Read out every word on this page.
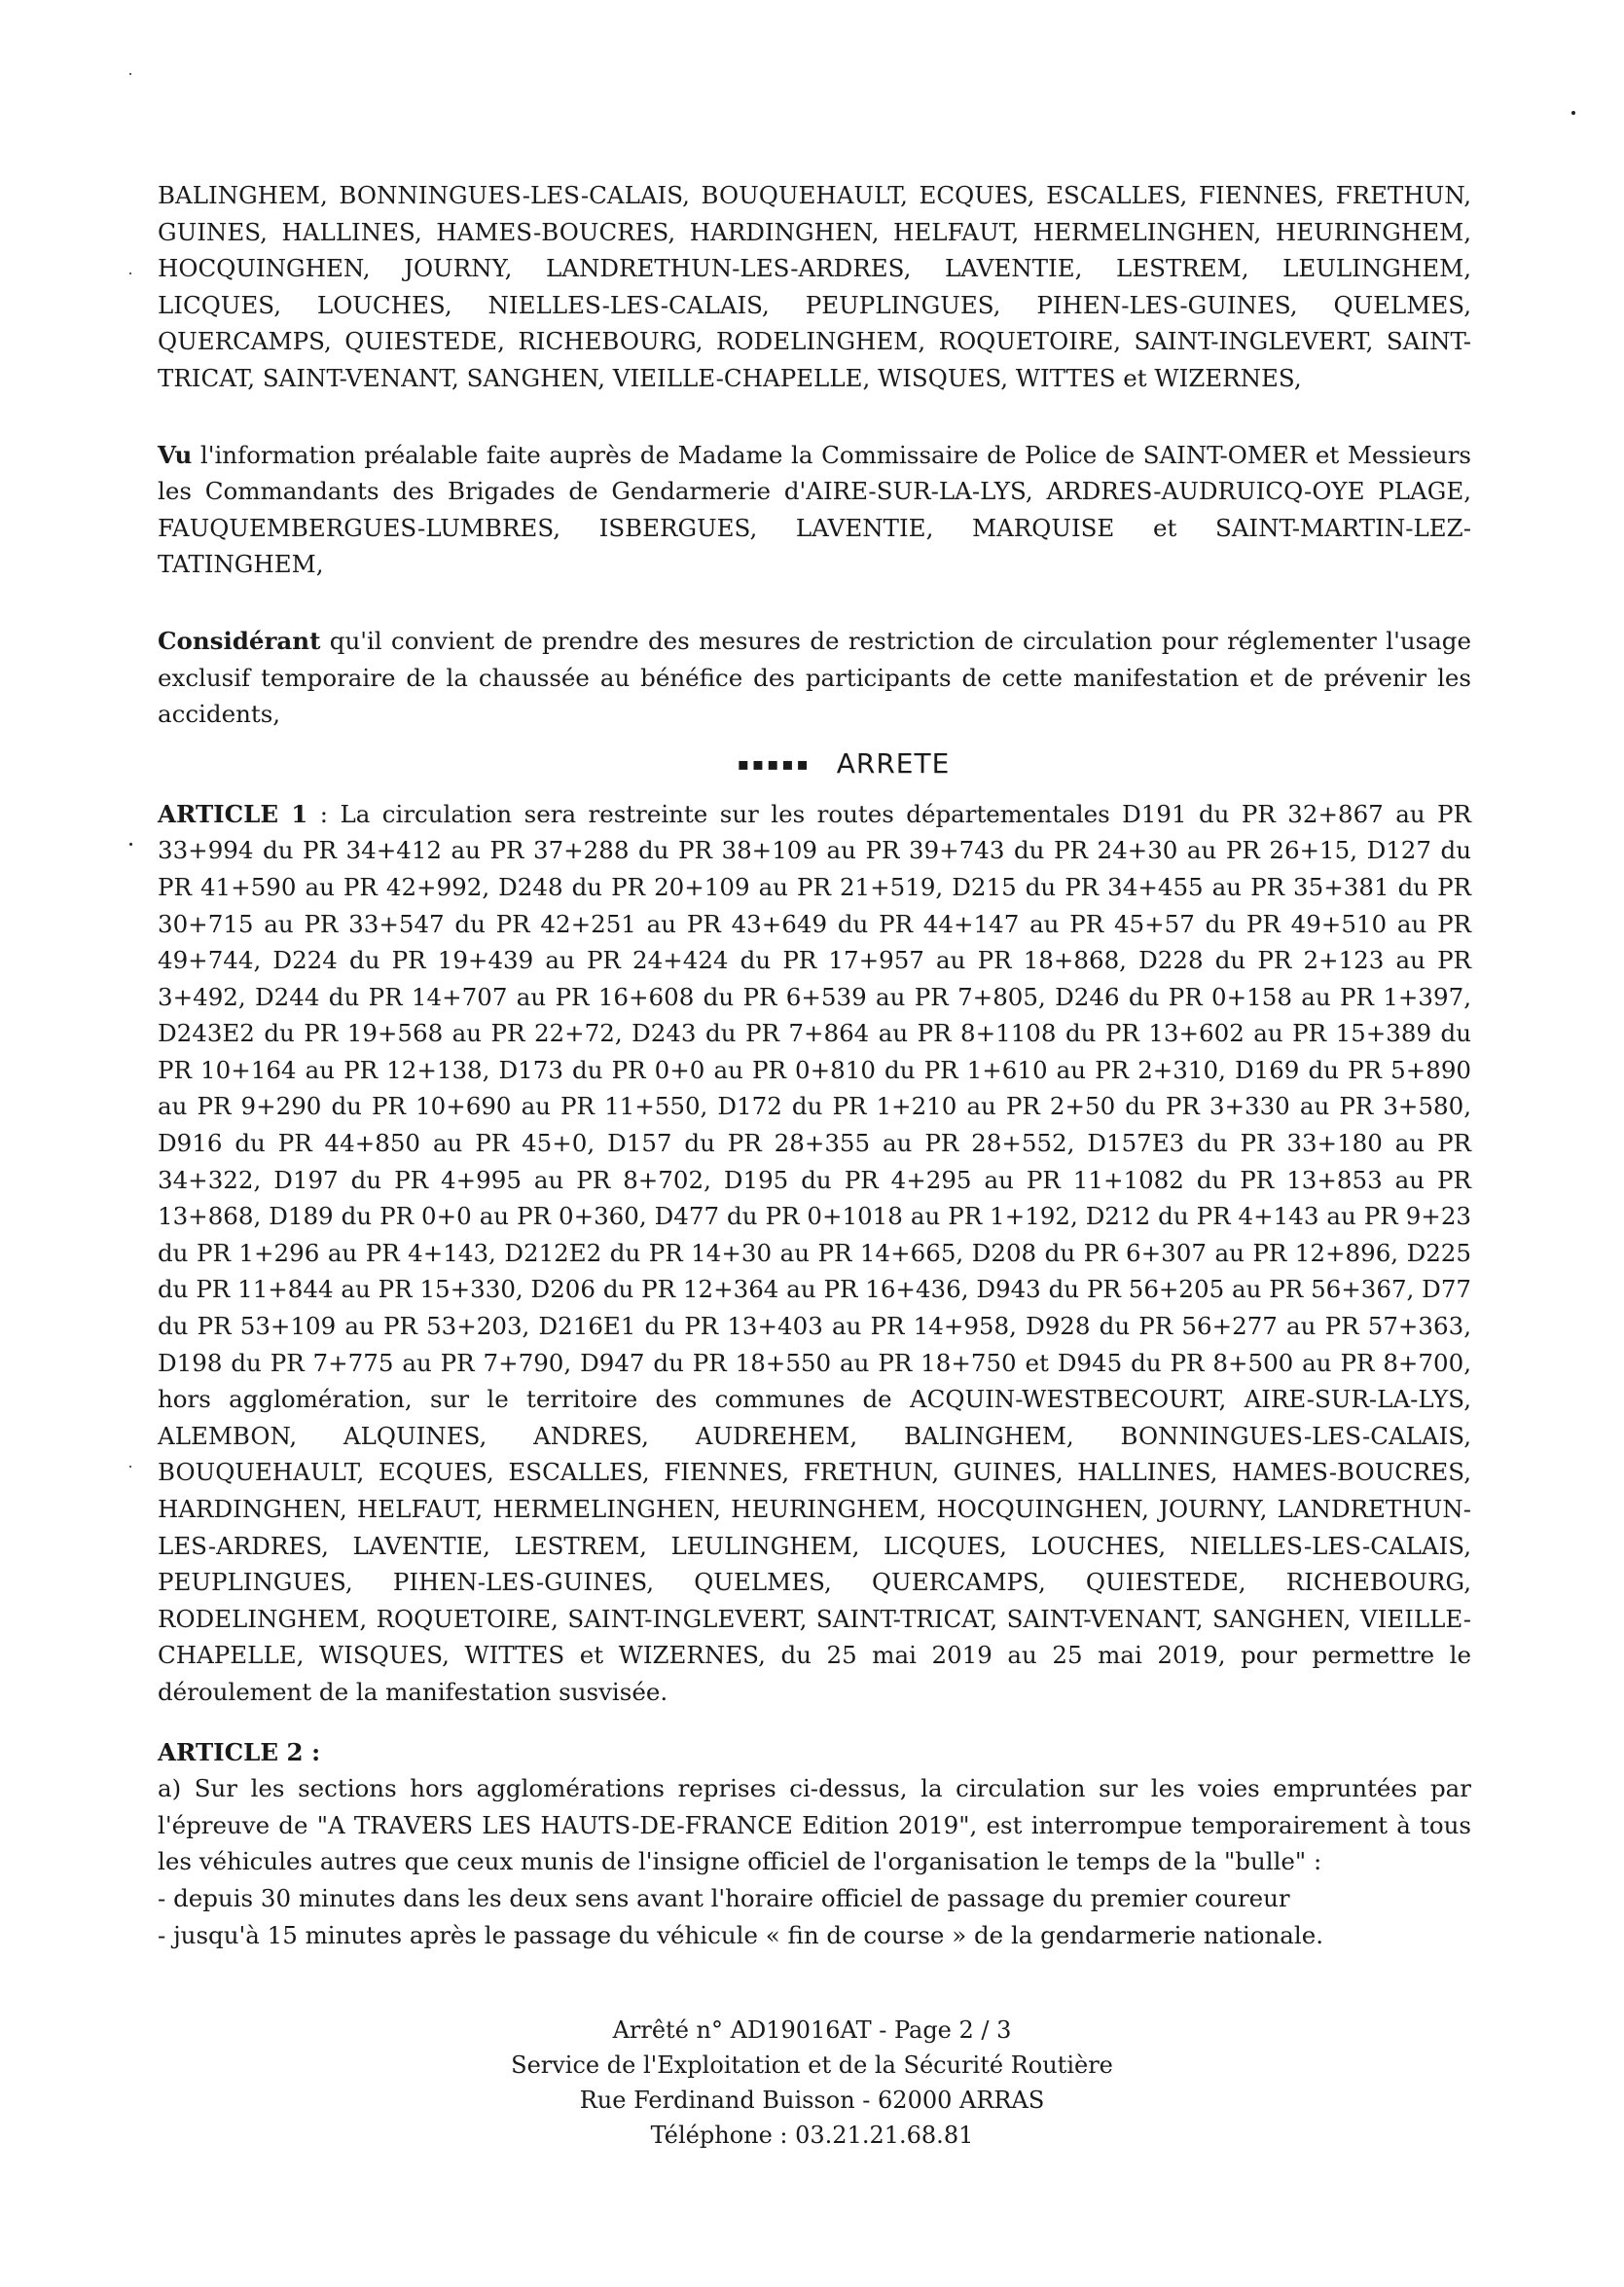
BALINGHEM, BONNINGUES-LES-CALAIS, BOUQUEHAULT, ECQUES, ESCALLES, FIENNES, FRETHUN, GUINES, HALLINES, HAMES-BOUCRES, HARDINGHEN, HELFAUT, HERMELINGHEN, HEURINGHEM, HOCQUINGHEN, JOURNY, LANDRETHUN-LES-ARDRES, LAVENTIE, LESTREM, LEULINGHEM, LICQUES, LOUCHES, NIELLES-LES-CALAIS, PEUPLINGUES, PIHEN-LES-GUINES, QUELMES, QUERCAMPS, QUIESTEDE, RICHEBOURG, RODELINGHEM, ROQUETOIRE, SAINT-INGLEVERT, SAINT-TRICAT, SAINT-VENANT, SANGHEN, VIEILLE-CHAPELLE, WISQUES, WITTES et WIZERNES,

Vu l'information préalable faite auprès de Madame la Commissaire de Police de SAINT-OMER et Messieurs les Commandants des Brigades de Gendarmerie d'AIRE-SUR-LA-LYS, ARDRES-AUDRUICQ-OYE PLAGE, FAUQUEMBERGUES-LUMBRES, ISBERGUES, LAVENTIE, MARQUISE et SAINT-MARTIN-LEZ-TATINGHEM,

Considérant qu'il convient de prendre des mesures de restriction de circulation pour réglementer l'usage exclusif temporaire de la chaussée au bénéfice des participants de cette manifestation et de prévenir les accidents,

▪▪▪▪▪ ARRETE

ARTICLE 1 : La circulation sera restreinte sur les routes départementales D191 du PR 32+867 au PR 33+994 du PR 34+412 au PR 37+288 du PR 38+109 au PR 39+743 du PR 24+30 au PR 26+15, D127 du PR 41+590 au PR 42+992, D248 du PR 20+109 au PR 21+519, D215 du PR 34+455 au PR 35+381 du PR 30+715 au PR 33+547 du PR 42+251 au PR 43+649 du PR 44+147 au PR 45+57 du PR 49+510 au PR 49+744, D224 du PR 19+439 au PR 24+424 du PR 17+957 au PR 18+868, D228 du PR 2+123 au PR 3+492, D244 du PR 14+707 au PR 16+608 du PR 6+539 au PR 7+805, D246 du PR 0+158 au PR 1+397, D243E2 du PR 19+568 au PR 22+72, D243 du PR 7+864 au PR 8+1108 du PR 13+602 au PR 15+389 du PR 10+164 au PR 12+138, D173 du PR 0+0 au PR 0+810 du PR 1+610 au PR 2+310, D169 du PR 5+890 au PR 9+290 du PR 10+690 au PR 11+550, D172 du PR 1+210 au PR 2+50 du PR 3+330 au PR 3+580, D916 du PR 44+850 au PR 45+0, D157 du PR 28+355 au PR 28+552, D157E3 du PR 33+180 au PR 34+322, D197 du PR 4+995 au PR 8+702, D195 du PR 4+295 au PR 11+1082 du PR 13+853 au PR 13+868, D189 du PR 0+0 au PR 0+360, D477 du PR 0+1018 au PR 1+192, D212 du PR 4+143 au PR 9+23 du PR 1+296 au PR 4+143, D212E2 du PR 14+30 au PR 14+665, D208 du PR 6+307 au PR 12+896, D225 du PR 11+844 au PR 15+330, D206 du PR 12+364 au PR 16+436, D943 du PR 56+205 au PR 56+367, D77 du PR 53+109 au PR 53+203, D216E1 du PR 13+403 au PR 14+958, D928 du PR 56+277 au PR 57+363, D198 du PR 7+775 au PR 7+790, D947 du PR 18+550 au PR 18+750 et D945 du PR 8+500 au PR 8+700, hors agglomération, sur le territoire des communes de ACQUIN-WESTBECOURT, AIRE-SUR-LA-LYS, ALEMBON, ALQUINES, ANDRES, AUDREHEM, BALINGHEM, BONNINGUES-LES-CALAIS, BOUQUEHAULT, ECQUES, ESCALLES, FIENNES, FRETHUN, GUINES, HALLINES, HAMES-BOUCRES, HARDINGHEN, HELFAUT, HERMELINGHEN, HEURINGHEM, HOCQUINGHEN, JOURNY, LANDRETHUN-LES-ARDRES, LAVENTIE, LESTREM, LEULINGHEM, LICQUES, LOUCHES, NIELLES-LES-CALAIS, PEUPLINGUES, PIHEN-LES-GUINES, QUELMES, QUERCAMPS, QUIESTEDE, RICHEBOURG, RODELINGHEM, ROQUETOIRE, SAINT-INGLEVERT, SAINT-TRICAT, SAINT-VENANT, SANGHEN, VIEILLE-CHAPELLE, WISQUES, WITTES et WIZERNES, du 25 mai 2019 au 25 mai 2019, pour permettre le déroulement de la manifestation susvisée.

ARTICLE 2 :

a) Sur les sections hors agglomérations reprises ci-dessus, la circulation sur les voies empruntées par l'épreuve de "A TRAVERS LES HAUTS-DE-FRANCE Edition 2019", est interrompue temporairement à tous les véhicules autres que ceux munis de l'insigne officiel de l'organisation le temps de la "bulle" :

- depuis 30 minutes dans les deux sens avant l'horaire officiel de passage du premier coureur

- jusqu'à 15 minutes après le passage du véhicule « fin de course » de la gendarmerie nationale.

Arrêté n° AD19016AT - Page 2 / 3
Service de l'Exploitation et de la Sécurité Routière
Rue Ferdinand Buisson - 62000 ARRAS
Téléphone : 03.21.21.68.81
